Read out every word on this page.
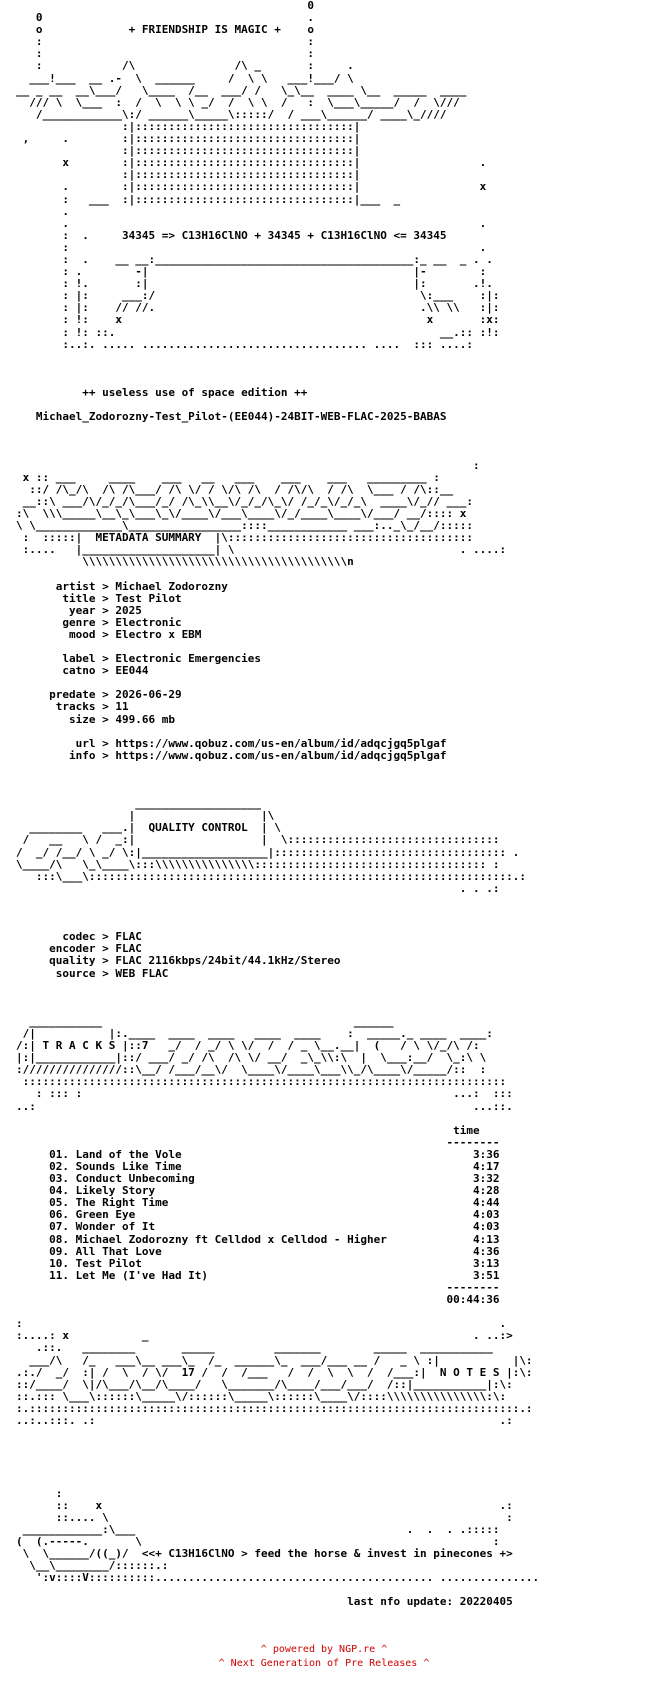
0
0                                        .
o             + FRIENDSHIP IS MAGIC +    o
:                                        :
:                                        :
:            /\               /\ _       :     .
___!___  __ .-  \  ______     /  \ \   ___!___/ \
__ _ __  __\___/   \____  /__  ___/ /   \_\__  ____ \__  _____  ____
/// \  \___  :  /  \  \ \ _/  /  \ \  /   :  \___\_____/  /  \///
/____________\:/ ______\_____\:::::/  / ___\______/ ____\_////
:|:::::::::::::::::::::::::::::::::|
,     .        :|:::::::::::::::::::::::::::::::::|
:|:::::::::::::::::::::::::::::::::|
x        :|:::::::::::::::::::::::::::::::::|                  .
:|:::::::::::::::::::::::::::::::::|
.        :|:::::::::::::::::::::::::::::::::|                  x
:   ___  :|:::::::::::::::::::::::::::::::::|___  _
.
.                                                              .
:  .     34345 => C13H16ClNO + 34345 + C13H16ClNO <= 34345
:                                                              .
:  .    __ __:_______________________________________:_ __  _ . .
: .        -|                                        |-        :
: !.       :|                                        |:       .!.
: |:     ___:/                                        \:___    :|:
: |:    // //.                                        .\\ \\   :|:
: !:    x                                              x       :x:
: !: ::.                                                 __.:: :!:
:..:. ..... .................................. ....  ::: ....:

++ useless use of space edition ++

Michael_Zodorozny-Test_Pilot-(EE044)-24BIT-WEB-FLAC-2025-BABAS

:
x :: ___     ____    ___   __   ___    ___    ___   _________ :
::/ /\_/\  /\ /\___/ /\ \/ / \/\ /\  / /\/\  / /\  \___ / /\::__
__::\ ___/\/_/_/\___/_/ /\_\\__\/_/_/\_\/ /_/_\/_/_\  ____\/_// ___:
:\  \\\_____\__\_\___\_\/____\/___\____\/_/____\____\/___/ __/:::: x
\ \_____________\_________________::::____________ ___:.._\_/__/:::::
:  :::::|  METADATA SUMMARY  |\:::::::::::::::::::::::::::::::::::::
:....   |____________________| \                                  . ....:
\\\\\\\\\\\\\\\\\\\\\\\\\\\\\\\\\\\\\\\\n

artist > Michael Zodorozny
title > Test Pilot
year > 2025
genre > Electronic
mood > Electro x EBM

label > Electronic Emergencies
catno > EE044

predate > 2026-06-29
tracks > 11
size > 499.66 mb

url > https://www.qobuz.com/us-en/album/id/adqcjgq5plgaf
info > https://www.qobuz.com/us-en/album/id/adqcjgq5plgaf

___________________
|                   |\
________   ___.|  QUALITY CONTROL  | \
/   __   \ /  _:|                   |  \::::::::::::::::::::::::::::::::
/  _/ /__/ \ _/ \:|___________________|::::::::::::::::::::::::::::::::::: .
\____/\   \_\____\:::\\\\\\\\\\\\\\\::::::::::::::::::::::::::::::::::: :
:::\___\::::::::::::::::::::::::::::::::::::::::::::::::::::::::::::::::.:
. . .:

codec > FLAC
encoder > FLAC
quality > FLAC 2116kbps/24bit/44.1kHz/Stereo
source > WEB FLAC

___________                                      ______
/|           |:.____  ____  ____   ____  ____    :  _____._ ____  ____:
/:| T R A C K S |::7   _/  / _/ \ \/  /  / _ \__.__|  (   / \ \/_/\ /:
|:|____________|::/ ___/ _/ /\  /\ \/ __/  _\_\\:\  |  \___:__/  \_:\ \
:///////////////::\__/ /___/__\/  \____\/____\___\\_/\____\/_____/::  :
:::::::::::::::::::::::::::::::::::::::::::::::::::::::::::::::::::::::::
: ::: :                                                        ...:  :::
..:                                                                  ...::.

time
--------
01. Land of the Vole                                            3:36
02. Sounds Like Time                                            4:17
03. Conduct Unbecoming                                          3:32
04. Likely Story                                                4:28
05. The Right Time                                              4:44
06. Green Eye                                                   4:03
07. Wonder of It                                                4:03
08. Michael Zodorozny ft Celldod x Celldod - Higher             4:13
09. All That Love                                               4:36
10. Test Pilot                                                  3:13
11. Let Me (I've Had It)                                        3:51
--------
00:44:36

:                                                                        .
:....: x           _                                                 . ..:>
.::.   ________       _____         _______        _____  ___________
___/\   /_   ___\__ ___\_  /_  ______\_  ___/___ __ /   _ \ :|           |\:
.:./  _/  :| /  \  / \/  17 /  /  /___   /  /  \  \  /  /___:|  N O T E S |:\:
::/____/  \|/\___/\__/\____/   \_______/\____/___/___/  /::|___________|:\:
::.::: \___\::::::\_____\/::::::\_____\::::::\____\/::::\\\\\\\\\\\\\\\:\:
:.::::::::::::::::::::::::::::::::::::::::::::::::::::::::::::::::::::::::::.:
..:..:::. .:                                                             .:

:
::    x                                                            .:
::.... \                                                            :
____________:\___                                         .  .  . .:::::
(  (.-----.       \                                                     :
\  \______/((_)/  <<+ C13H16ClNO > feed the horse & invest in pinecones +>
\__\________/::::::.:
':v::::V::::::::::.......................................... ...............

last nfo update: 20220405
^ powered by NGP.re ^
^ Next Generation of Pre Releases ^
